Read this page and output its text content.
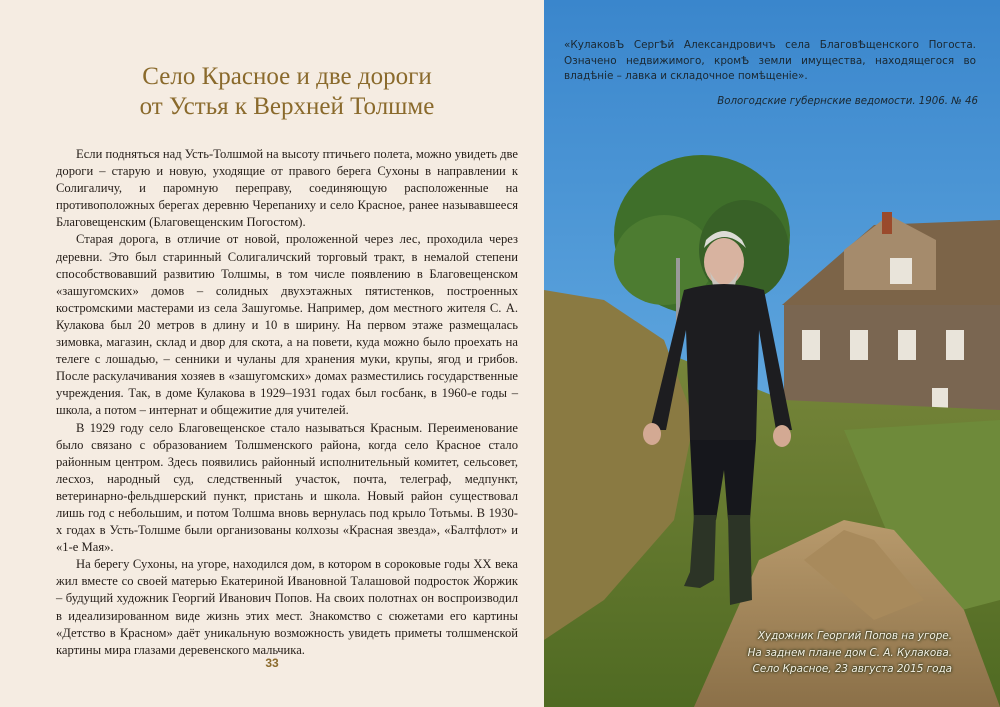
Село Красное и две дороги
от Устья к Верхней Толшме

Если подняться над Усть-Толшмой на высоту птичьего полета, можно увидеть две дороги – старую и новую, уходящие от правого берега Сухоны в направлении к Солигаличу, и паромную переправу, соединяющую расположенные на противоположных берегах деревню Черепаниху и село Красное, ранее называвшееся Благовещенским (Благовещенским Погостом).

Старая дорога, в отличие от новой, проложенной через лес, проходила через деревни. Это был старинный Солигаличский торговый тракт, в немалой степени способствовавший развитию Толшмы, в том числе появлению в Благовещенском «зашугомских» домов – солидных двухэтажных пятистенков, построенных костромскими мастерами из села Зашугомье. Например, дом местного жителя С. А. Кулакова был 20 метров в длину и 10 в ширину. На первом этаже размещалась зимовка, магазин, склад и двор для скота, а на повети, куда можно было проехать на телеге с лошадью, – сенники и чуланы для хранения муки, крупы, ягод и грибов. После раскулачивания хозяев в «зашугомских» домах разместились государственные учреждения. Так, в доме Кулакова в 1929–1931 годах был госбанк, в 1960-е годы – школа, а потом – интернат и общежитие для учителей.

В 1929 году село Благовещенское стало называться Красным. Переименование было связано с образованием Толшменского района, когда село Красное стало районным центром. Здесь появились районный исполнительный комитет, сельсовет, лесхоз, народный суд, следственный участок, почта, телеграф, медпункт, ветеринарно-фельдшерский пункт, пристань и школа. Новый район существовал лишь год с небольшим, и потом Толшма вновь вернулась под крыло Тотьмы. В 1930-х годах в Усть-Толшме были организованы колхозы «Красная звезда», «Балтфлот» и «1-е Мая».

На берегу Сухоны, на угоре, находился дом, в котором в сороковые годы XX века жил вместе со своей матерью Екатериной Ивановной Талашовой подросток Жоржик – будущий художник Георгий Иванович Попов. На своих полотнах он воспроизводил в идеализированном виде жизнь этих мест. Знакомство с сюжетами его картины «Детство в Красном» даёт уникальную возможность увидеть приметы толшменской картины мира глазами деревенского мальчика.

33
«КулаковЪ СергѢй Александровичъ села БлаговѢщенского Погоста. Означено недвижимого, кромѢ земли имущества, находящегося во владѣніе – лавка и складочное помѣщеніе».
Вологодские губернские ведомости. 1906. № 46
Художник Георгий Попов на угоре.
На заднем плане дом С. А. Кулакова.
Село Красное, 23 августа 2015 года
